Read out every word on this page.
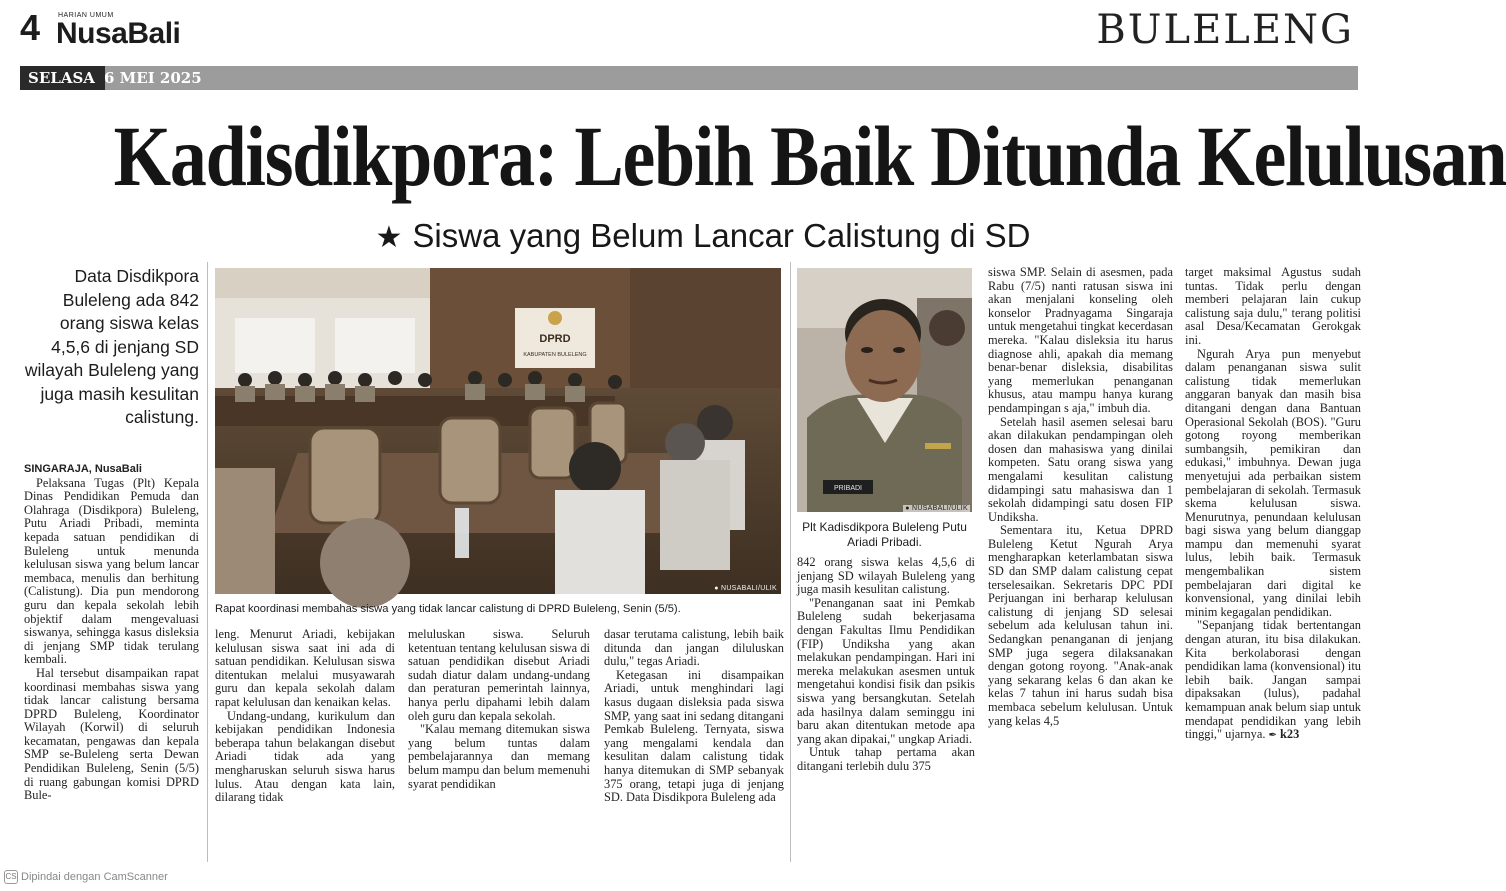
4	HARIAN UMUM
NusaBali	BULELENG
SELASA 6 MEI 2025
Kadisdikpora: Lebih Baik Ditunda Kelulusan
★ Siswa yang Belum Lancar Calistung di SD
Data Disdikpora Buleleng ada 842 orang siswa kelas 4,5,6 di jenjang SD wilayah Buleleng yang juga masih kesulitan calistung.
DPRD
KABUPATEN BULELENG
● NUSABALI/ULIK
PRIBADI
● NUSABALI/ULIK
Plt Kadisdikpora Buleleng Putu Ariadi Pribadi.
Rapat koordinasi membahas siswa yang tidak lancar calistung di DPRD Buleleng, Senin (5/5).

SINGARAJA, NusaBali

Pelaksana Tugas (Plt) Kepala Dinas Pendidikan Pemuda dan Olahraga (Disdikpora) Buleleng, Putu Ariadi Pribadi, meminta kepada satuan pendidikan di Buleleng untuk menunda kelulusan siswa yang belum lancar membaca, menulis dan berhitung (Calistung). Dia pun mendorong guru dan kepala sekolah lebih objektif dalam mengevaluasi siswanya, sehingga kasus disleksia di jenjang SMP tidak terulang kembali.

Hal tersebut disampaikan rapat koordinasi membahas siswa yang tidak lancar calistung bersama DPRD Buleleng, Koordinator Wilayah (Korwil) di seluruh kecamatan, pengawas dan kepala SMP se-Buleleng serta Dewan Pendidikan Buleleng, Senin (5/5) di ruang gabungan komisi DPRD Bule-

leng. Menurut Ariadi, kebijakan kelulusan siswa saat ini ada di satuan pendidikan. Kelulusan siswa ditentukan melalui musyawarah guru dan kepala sekolah dalam rapat kelulusan dan kenaikan kelas.

Undang-undang, kurikulum dan kebijakan pendidikan Indonesia beberapa tahun belakangan disebut Ariadi tidak ada yang mengharuskan seluruh siswa harus lulus. Atau dengan kata lain, dilarang tidak

meluluskan siswa. Seluruh ketentuan tentang kelulusan siswa di satuan pendidikan disebut Ariadi sudah diatur dalam undang-undang dan peraturan pemerintah lainnya, hanya perlu dipahami lebih dalam oleh guru dan kepala sekolah.

"Kalau memang ditemukan siswa yang belum tuntas dalam pembelajarannya dan memang belum mampu dan belum memenuhi syarat pendidikan

dasar terutama calistung, lebih baik ditunda dan jangan diluluskan dulu," tegas Ariadi.

Ketegasan ini disampaikan Ariadi, untuk menghindari lagi kasus dugaan disleksia pada siswa SMP, yang saat ini sedang ditangani Pemkab Buleleng. Ternyata, siswa yang mengalami kendala dan kesulitan dalam calistung tidak hanya ditemukan di SMP sebanyak 375 orang, tetapi juga di jenjang SD. Data Disdikpora Buleleng ada

842 orang siswa kelas 4,5,6 di jenjang SD wilayah Buleleng yang juga masih kesulitan calistung.

"Penanganan saat ini Pemkab Buleleng sudah bekerjasama dengan Fakultas Ilmu Pendidikan (FIP) Undiksha yang akan melakukan pendampingan. Hari ini mereka melakukan asesmen untuk mengetahui kondisi fisik dan psikis siswa yang bersangkutan. Setelah ada hasilnya dalam seminggu ini baru akan ditentukan metode apa yang akan dipakai," ungkap Ariadi.

Untuk tahap pertama akan ditangani terlebih dulu 375

siswa SMP. Selain di asesmen, pada Rabu (7/5) nanti ratusan siswa ini akan menjalani konseling oleh konselor Pradnyagama Singaraja untuk mengetahui tingkat kecerdasan mereka. "Kalau disleksia itu harus diagnose ahli, apakah dia memang benar-benar disleksia, disabilitas yang memerlukan penanganan khusus, atau mampu hanya kurang pendampingan s aja," imbuh dia.

Setelah hasil asemen selesai baru akan dilakukan pendampingan oleh dosen dan mahasiswa yang dinilai kompeten. Satu orang siswa yang mengalami kesulitan calistung didampingi satu mahasiswa dan 1 sekolah didampingi satu dosen FIP Undiksha.

Sementara itu, Ketua DPRD Buleleng Ketut Ngurah Arya mengharapkan keterlambatan siswa SD dan SMP dalam calistung cepat terselesaikan. Sekretaris DPC PDI Perjuangan ini berharap kelulusan calistung di jenjang SD selesai sebelum ada kelulusan tahun ini. Sedangkan penanganan di jenjang SMP juga segera dilaksanakan dengan gotong royong. "Anak-anak yang sekarang kelas 6 dan akan ke kelas 7 tahun ini harus sudah bisa membaca sebelum kelulusan. Untuk yang kelas 4,5

target maksimal Agustus sudah tuntas. Tidak perlu dengan memberi pelajaran lain cukup calistung saja dulu," terang politisi asal Desa/Kecamatan Gerokgak ini.

Ngurah Arya pun menyebut dalam penanganan siswa sulit calistung tidak memerlukan anggaran banyak dan masih bisa ditangani dengan dana Bantuan Operasional Sekolah (BOS). "Guru gotong royong memberikan sumbangsih, pemikiran dan edukasi," imbuhnya. Dewan juga menyetujui ada perbaikan sistem pembelajaran di sekolah. Termasuk skema kelulusan siswa. Menurutnya, penundaan kelulusan bagi siswa yang belum dianggap mampu dan memenuhi syarat lulus, lebih baik. Termasuk mengembalikan sistem pembelajaran dari digital ke konvensional, yang dinilai lebih minim kegagalan pendidikan.

"Sepanjang tidak bertentangan dengan aturan, itu bisa dilakukan. Kita berkolaborasi dengan pendidikan lama (konvensional) itu lebih baik. Jangan sampai dipaksakan (lulus), padahal kemampuan anak belum siap untuk mendapat pendidikan yang lebih tinggi," ujarnya. ✒ k23

CS Dipindai dengan CamScanner
